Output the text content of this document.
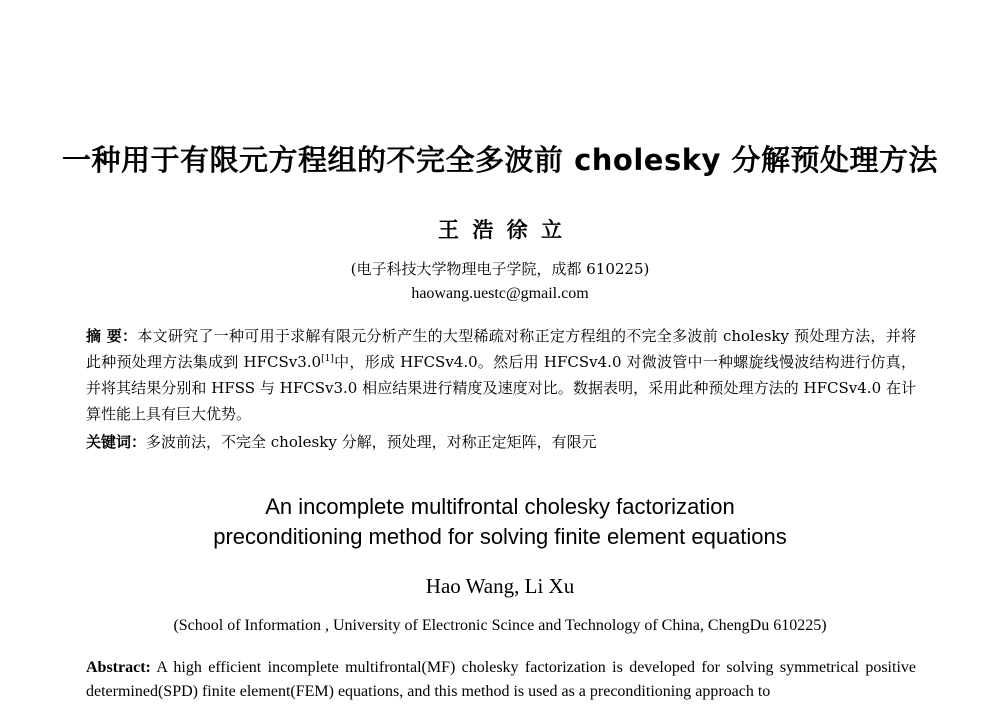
一种用于有限元方程组的不完全多波前 cholesky 分解预处理方法
王 浩 徐 立
(电子科技大学物理电子学院，成都 610225)
haowang.uestc@gmail.com
摘 要：本文研究了一种可用于求解有限元分析产生的大型稀疏对称正定方程组的不完全多波前 cholesky 预处理方法，并将此种预处理方法集成到 HFCSv3.0[1]中，形成 HFCSv4.0。然后用 HFCSv4.0 对微波管中一种螺旋线慢波结构进行仿真，并将其结果分别和 HFSS 与 HFCSv3.0 相应结果进行精度及速度对比。数据表明，采用此种预处理方法的 HFCSv4.0 在计算性能上具有巨大优势。
关键词：多波前法，不完全 cholesky 分解，预处理，对称正定矩阵，有限元
An incomplete multifrontal cholesky factorization
preconditioning method for solving finite element equations
Hao Wang, Li Xu
(School of Information , University of Electronic Scince and Technology of China, ChengDu 610225)
Abstract: A high efficient incomplete multifrontal(MF) cholesky factorization is developed for solving symmetrical positive determined(SPD) finite element(FEM) equations, and this method is used as a preconditioning approach to
